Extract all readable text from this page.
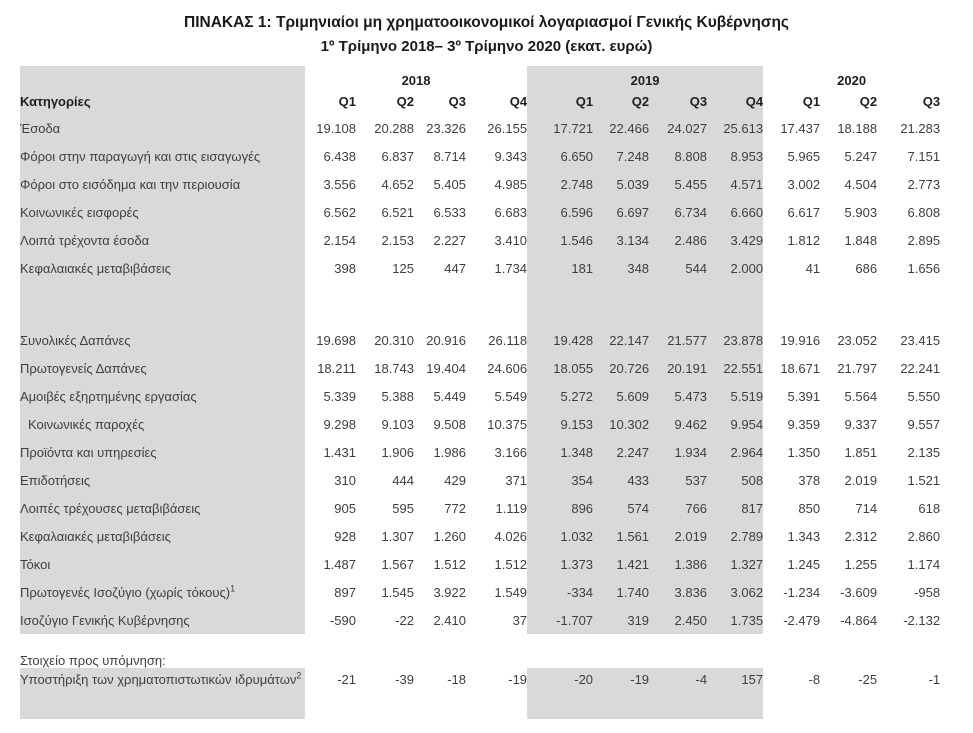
ΠΙΝΑΚΑΣ 1: Τριμηνιαίοι μη χρηματοοικονομικοί λογαριασμοί Γενικής Κυβέρνησης
1º Τρίμηνο 2018– 3º Τρίμηνο 2020 (εκατ. ευρώ)
	2018				2019				2020		
Κατηγορίες	Q1	Q2	Q3	Q4	Q1	Q2	Q3	Q4	Q1	Q2	Q3
Έσοδα	19.108	20.288	23.326	26.155	17.721	22.466	24.027	25.613	17.437	18.188	21.283
Φόροι στην παραγωγή και στις εισαγωγές	6.438	6.837	8.714	9.343	6.650	7.248	8.808	8.953	5.965	5.247	7.151
Φόροι στο εισόδημα και την περιουσία	3.556	4.652	5.405	4.985	2.748	5.039	5.455	4.571	3.002	4.504	2.773
Κοινωνικές εισφορές	6.562	6.521	6.533	6.683	6.596	6.697	6.734	6.660	6.617	5.903	6.808
Λοιπά τρέχοντα έσοδα	2.154	2.153	2.227	3.410	1.546	3.134	2.486	3.429	1.812	1.848	2.895
Κεφαλαιακές μεταβιβάσεις	398	125	447	1.734	181	348	544	2.000	41	686	1.656

Συνολικές Δαπάνες	19.698	20.310	20.916	26.118	19.428	22.147	21.577	23.878	19.916	23.052	23.415
Πρωτογενείς Δαπάνες	18.211	18.743	19.404	24.606	18.055	20.726	20.191	22.551	18.671	21.797	22.241
Αμοιβές εξηρτημένης εργασίας	5.339	5.388	5.449	5.549	5.272	5.609	5.473	5.519	5.391	5.564	5.550
Κοινωνικές παροχές	9.298	9.103	9.508	10.375	9.153	10.302	9.462	9.954	9.359	9.337	9.557
Προϊόντα και υπηρεσίες	1.431	1.906	1.986	3.166	1.348	2.247	1.934	2.964	1.350	1.851	2.135
Επιδοτήσεις	310	444	429	371	354	433	537	508	378	2.019	1.521
Λοιπές τρέχουσες μεταβιβάσεις	905	595	772	1.119	896	574	766	817	850	714	618
Κεφαλαιακές μεταβιβάσεις	928	1.307	1.260	4.026	1.032	1.561	2.019	2.789	1.343	2.312	2.860
Τόκοι	1.487	1.567	1.512	1.512	1.373	1.421	1.386	1.327	1.245	1.255	1.174
Πρωτογενές Ισοζύγιο (χωρίς τόκους)$^1$	897	1.545	3.922	1.549	-334	1.740	3.836	3.062	-1.234	-3.609	-958
Ισοζύγιο Γενικής Κυβέρνησης	-590	-22	2.410	37	-1.707	319	2.450	1.735	-2.479	-4.864	-2.132

Στοιχείο προς υπόμνηση:											
Υποστήριξη των χρηματοπιστωτικών ιδρυμάτων$^2$	-21	-39	-18	-19	-20	-19	-4	157	-8	-25	-1
